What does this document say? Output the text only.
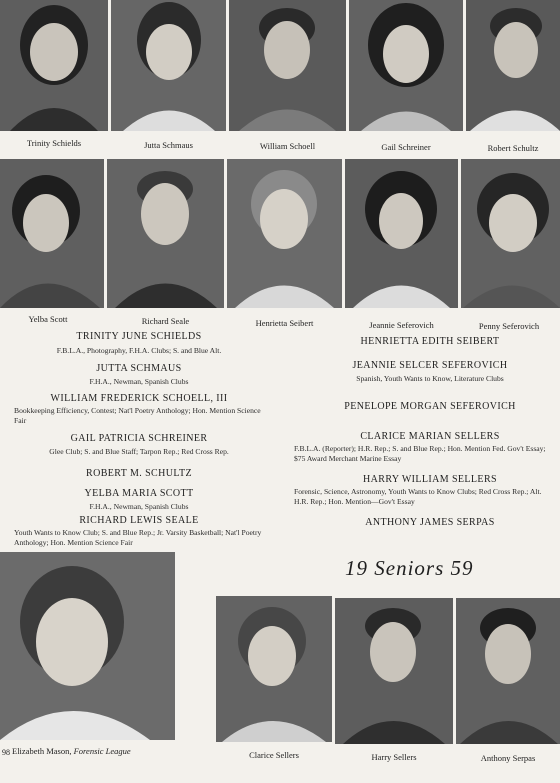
Trinity Schields	Jutta Schmaus	William Schoell	Gail Schreiner	Robert Schultz
Yelba Scott	Richard Seale	Henrietta Seibert	Jeannie Seferovich	Penny Seferovich
TRINITY JUNE SCHIELDS
F.B.L.A., Photography, F.H.A. Clubs; S. and Blue Alt.
JUTTA SCHMAUS
F.H.A., Newman, Spanish Clubs
WILLIAM FREDERICK SCHOELL, III
Bookkeeping Efficiency, Contest; Nat'l Poetry Anthology; Hon. Mention Science Fair
GAIL PATRICIA SCHREINER
Glee Club; S. and Blue Staff; Tarpon Rep.; Red Cross Rep.
ROBERT M. SCHULTZ
YELBA MARIA SCOTT
F.H.A., Newman, Spanish Clubs
RICHARD LEWIS SEALE
Youth Wants to Know Club; S. and Blue Rep.; Jr. Varsity Basketball; Nat'l Poetry Anthology; Hon. Mention Science Fair
HENRIETTA EDITH SEIBERT
JEANNIE SELCER SEFEROVICH
Spanish, Youth Wants to Know, Literature Clubs
PENELOPE MORGAN SEFEROVICH
CLARICE MARIAN SELLERS
F.B.L.A. (Reporter); H.R. Rep.; S. and Blue Rep.; Hon. Mention Fed. Gov't Essay; $75 Award Merchant Marine Essay
HARRY WILLIAM SELLERS
Forensic, Science, Astronomy, Youth Wants to Know Clubs; Red Cross Rep.; Alt. H.R. Rep.; Hon. Mention—Gov't Essay
ANTHONY JAMES SERPAS
19 Seniors 59
Elizabeth Mason, Forensic League
98	Clarice Sellers	Harry Sellers	Anthony Serpas
